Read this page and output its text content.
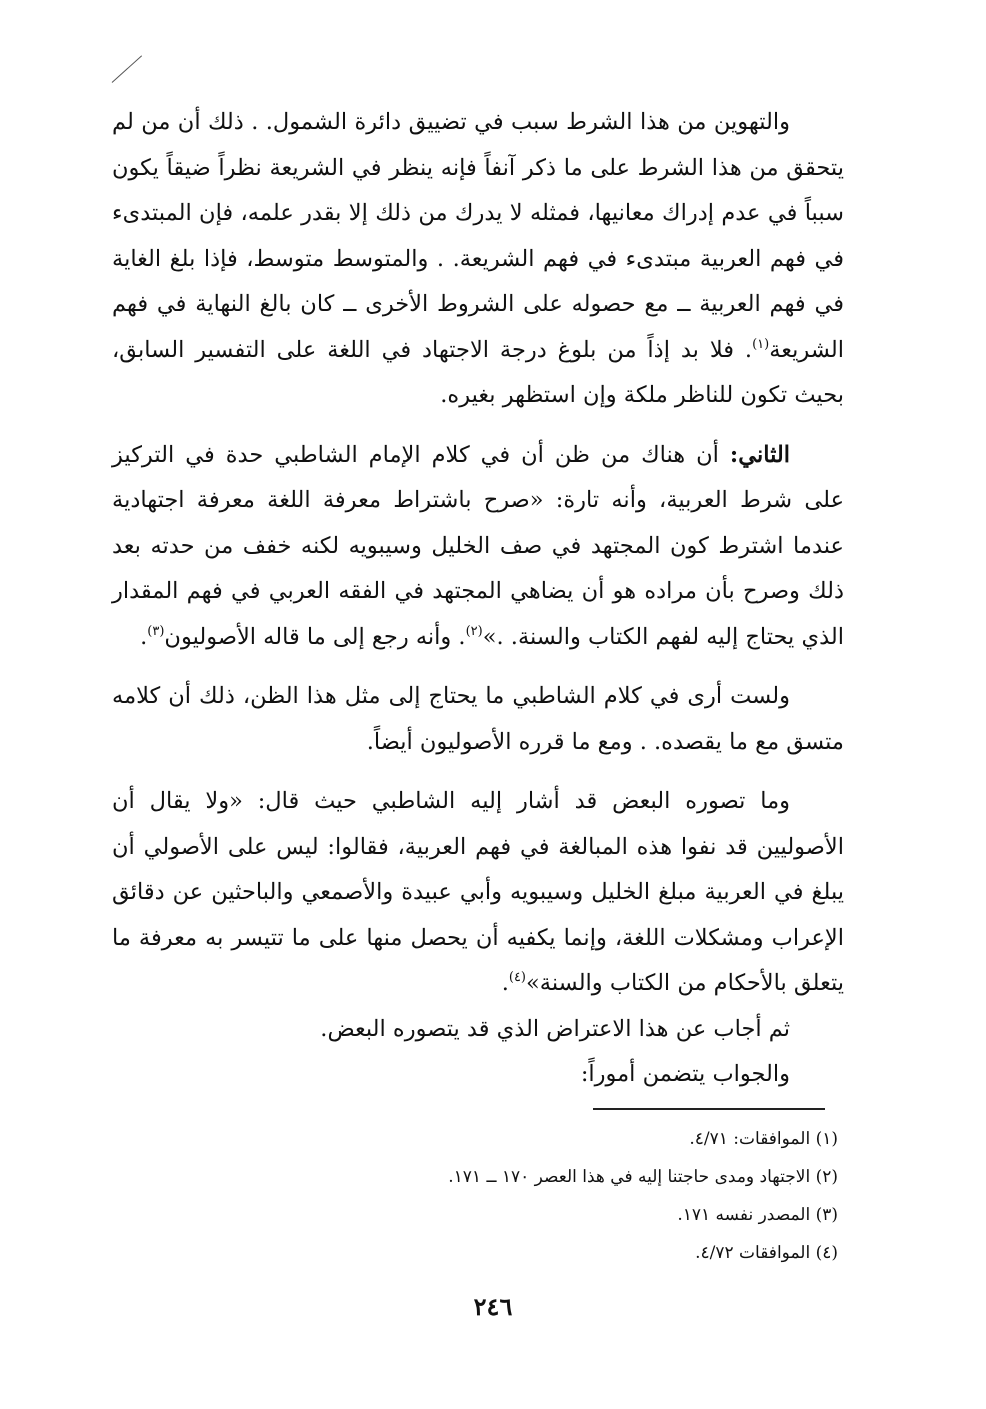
والتهوين من هذا الشرط سبب في تضييق دائرة الشمول. . ذلك أن من لم يتحقق من هذا الشرط على ما ذكر آنفاً فإنه ينظر في الشريعة نظراً ضيقاً يكون سبباً في عدم إدراك معانيها، فمثله لا يدرك من ذلك إلا بقدر علمه، فإن المبتدىء في فهم العربية مبتدىء في فهم الشريعة. . والمتوسط متوسط، فإذا بلغ الغاية في فهم العربية ــ مع حصوله على الشروط الأخرى ــ كان بالغ النهاية في فهم الشريعة$^{(١)}$. فلا بد إذاً من بلوغ درجة الاجتهاد في اللغة على التفسير السابق، بحيث تكون للناظر ملكة وإن استظهر بغيره.

الثاني: أن هناك من ظن أن في كلام الإمام الشاطبي حدة في التركيز على شرط العربية، وأنه تارة: «صرح باشتراط معرفة اللغة معرفة اجتهادية عندما اشترط كون المجتهد في صف الخليل وسيبويه لكنه خفف من حدته بعد ذلك وصرح بأن مراده هو أن يضاهي المجتهد في الفقه العربي في فهم المقدار الذي يحتاج إليه لفهم الكتاب والسنة. .»$^{(٢)}$. وأنه رجع إلى ما قاله الأصوليون$^{(٣)}$.

ولست أرى في كلام الشاطبي ما يحتاج إلى مثل هذا الظن، ذلك أن كلامه متسق مع ما يقصده. . ومع ما قرره الأصوليون أيضاً.

وما تصوره البعض قد أشار إليه الشاطبي حيث قال: «ولا يقال أن الأصوليين قد نفوا هذه المبالغة في فهم العربية، فقالوا: ليس على الأصولي أن يبلغ في العربية مبلغ الخليل وسيبويه وأبي عبيدة والأصمعي والباحثين عن دقائق الإعراب ومشكلات اللغة، وإنما يكفيه أن يحصل منها على ما تتيسر به معرفة ما يتعلق بالأحكام من الكتاب والسنة»$^{(٤)}$.

ثم أجاب عن هذا الاعتراض الذي قد يتصوره البعض.

والجواب يتضمن أموراً:

(١) الموافقات: ٤/٧١.

(٢) الاجتهاد ومدى حاجتنا إليه في هذا العصر ١٧٠ ــ ١٧١.

(٣) المصدر نفسه ١٧١.

(٤) الموافقات ٤/٧٢.

٢٤٦
